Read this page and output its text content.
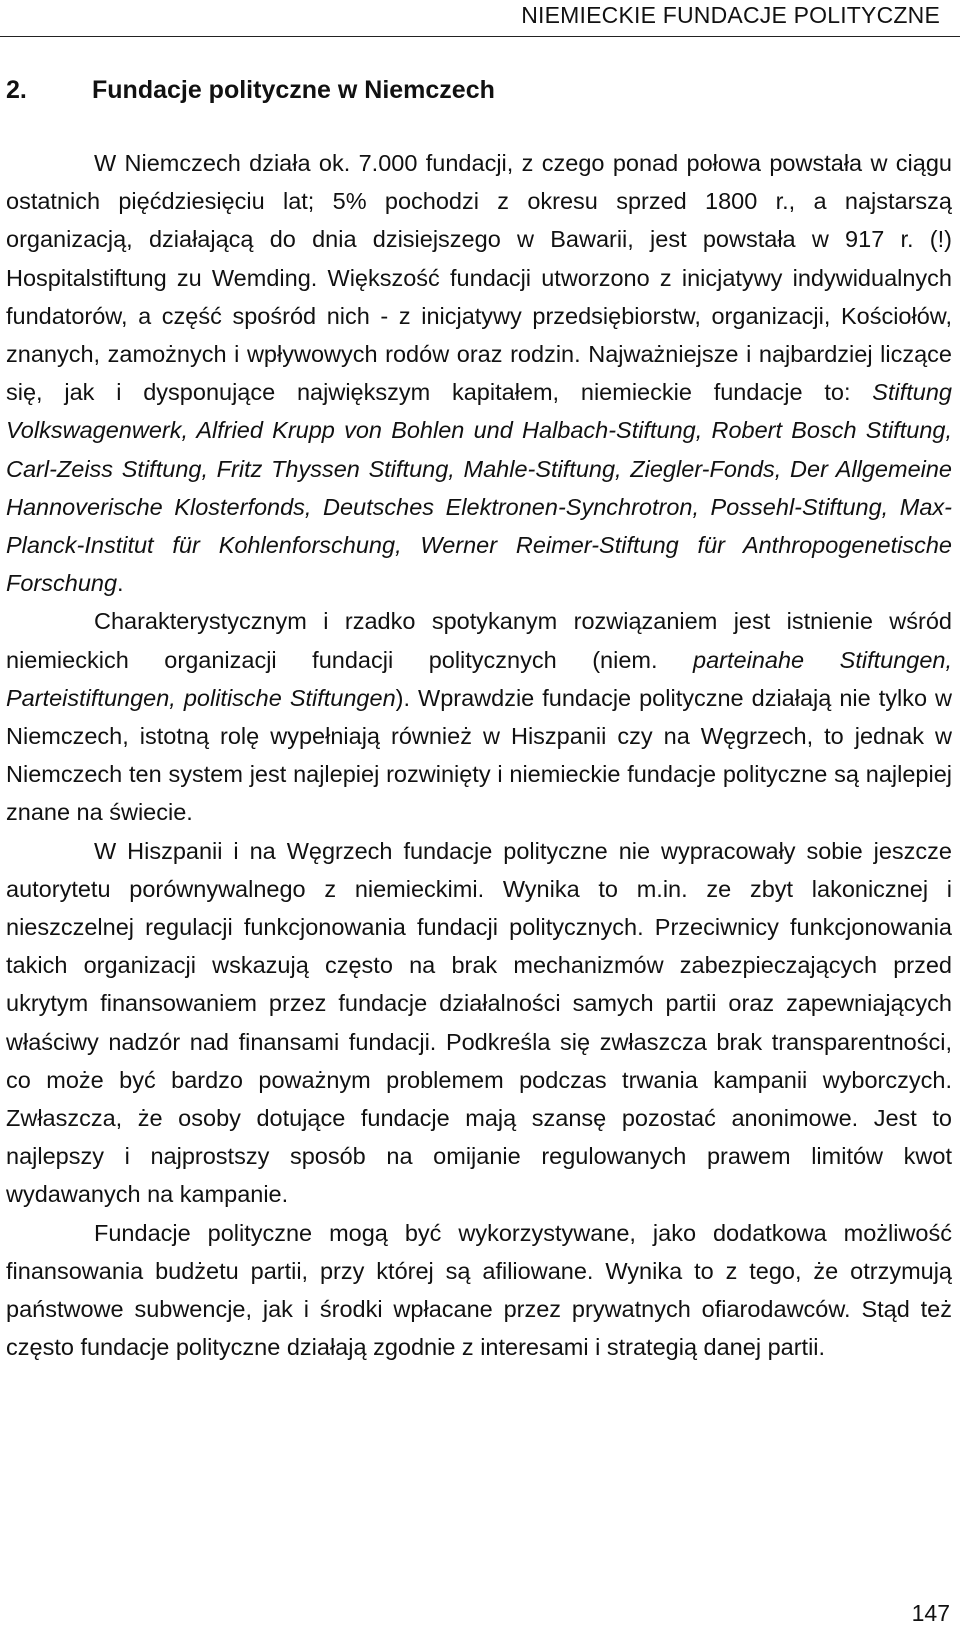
NIEMIECKIE FUNDACJE POLITYCZNE
2.	Fundacje polityczne w Niemczech

W Niemczech działa ok. 7.000 fundacji, z czego ponad połowa powstała w ciągu ostatnich pięćdziesięciu lat; 5% pochodzi z okresu sprzed 1800 r., a najstarszą organizacją, działającą do dnia dzisiejszego w Bawarii, jest powstała w 917 r. (!) Hospitalstiftung zu Wemding. Większość fundacji utworzono z inicjatywy indywidualnych fundatorów, a część spośród nich - z inicjatywy przedsiębiorstw, organizacji, Kościołów, znanych, zamożnych i wpływowych rodów oraz rodzin. Najważniejsze i najbardziej liczące się, jak i dysponujące największym kapitałem, niemieckie fundacje to: Stiftung Volkswagenwerk, Alfried Krupp von Bohlen und Halbach-Stiftung, Robert Bosch Stiftung, Carl-Zeiss Stiftung, Fritz Thyssen Stiftung, Mahle-Stiftung, Ziegler-Fonds, Der Allgemeine Hannoverische Klosterfonds, Deutsches Elektronen-Synchrotron, Possehl-Stiftung, Max-Planck-Institut für Kohlenforschung, Werner Reimer-Stiftung für Anthropogenetische Forschung.

Charakterystycznym i rzadko spotykanym rozwiązaniem jest istnienie wśród niemieckich organizacji fundacji politycznych (niem. parteinahe Stiftungen, Parteistiftungen, politische Stiftungen). Wprawdzie fundacje polityczne działają nie tylko w Niemczech, istotną rolę wypełniają również w Hiszpanii czy na Węgrzech, to jednak w Niemczech ten system jest najlepiej rozwinięty i niemieckie fundacje polityczne są najlepiej znane na świecie.

W Hiszpanii i na Węgrzech fundacje polityczne nie wypracowały sobie jeszcze autorytetu porównywalnego z niemieckimi. Wynika to m.in. ze zbyt lakonicznej i nieszczelnej regulacji funkcjonowania fundacji politycznych. Przeciwnicy funkcjonowania takich organizacji wskazują często na brak mechanizmów zabezpieczających przed ukrytym finansowaniem przez fundacje działalności samych partii oraz zapewniających właściwy nadzór nad finansami fundacji. Podkreśla się zwłaszcza brak transparentności, co może być bardzo poważnym problemem podczas trwania kampanii wyborczych. Zwłaszcza, że osoby dotujące fundacje mają szansę pozostać anonimowe. Jest to najlepszy i najprostszy sposób na omijanie regulowanych prawem limitów kwot wydawanych na kampanie.

Fundacje polityczne mogą być wykorzystywane, jako dodatkowa możliwość finansowania budżetu partii, przy której są afiliowane. Wynika to z tego, że otrzymują państwowe subwencje, jak i środki wpłacane przez prywatnych ofiarodawców. Stąd też często fundacje polityczne działają zgodnie z interesami i strategią danej partii.

147
